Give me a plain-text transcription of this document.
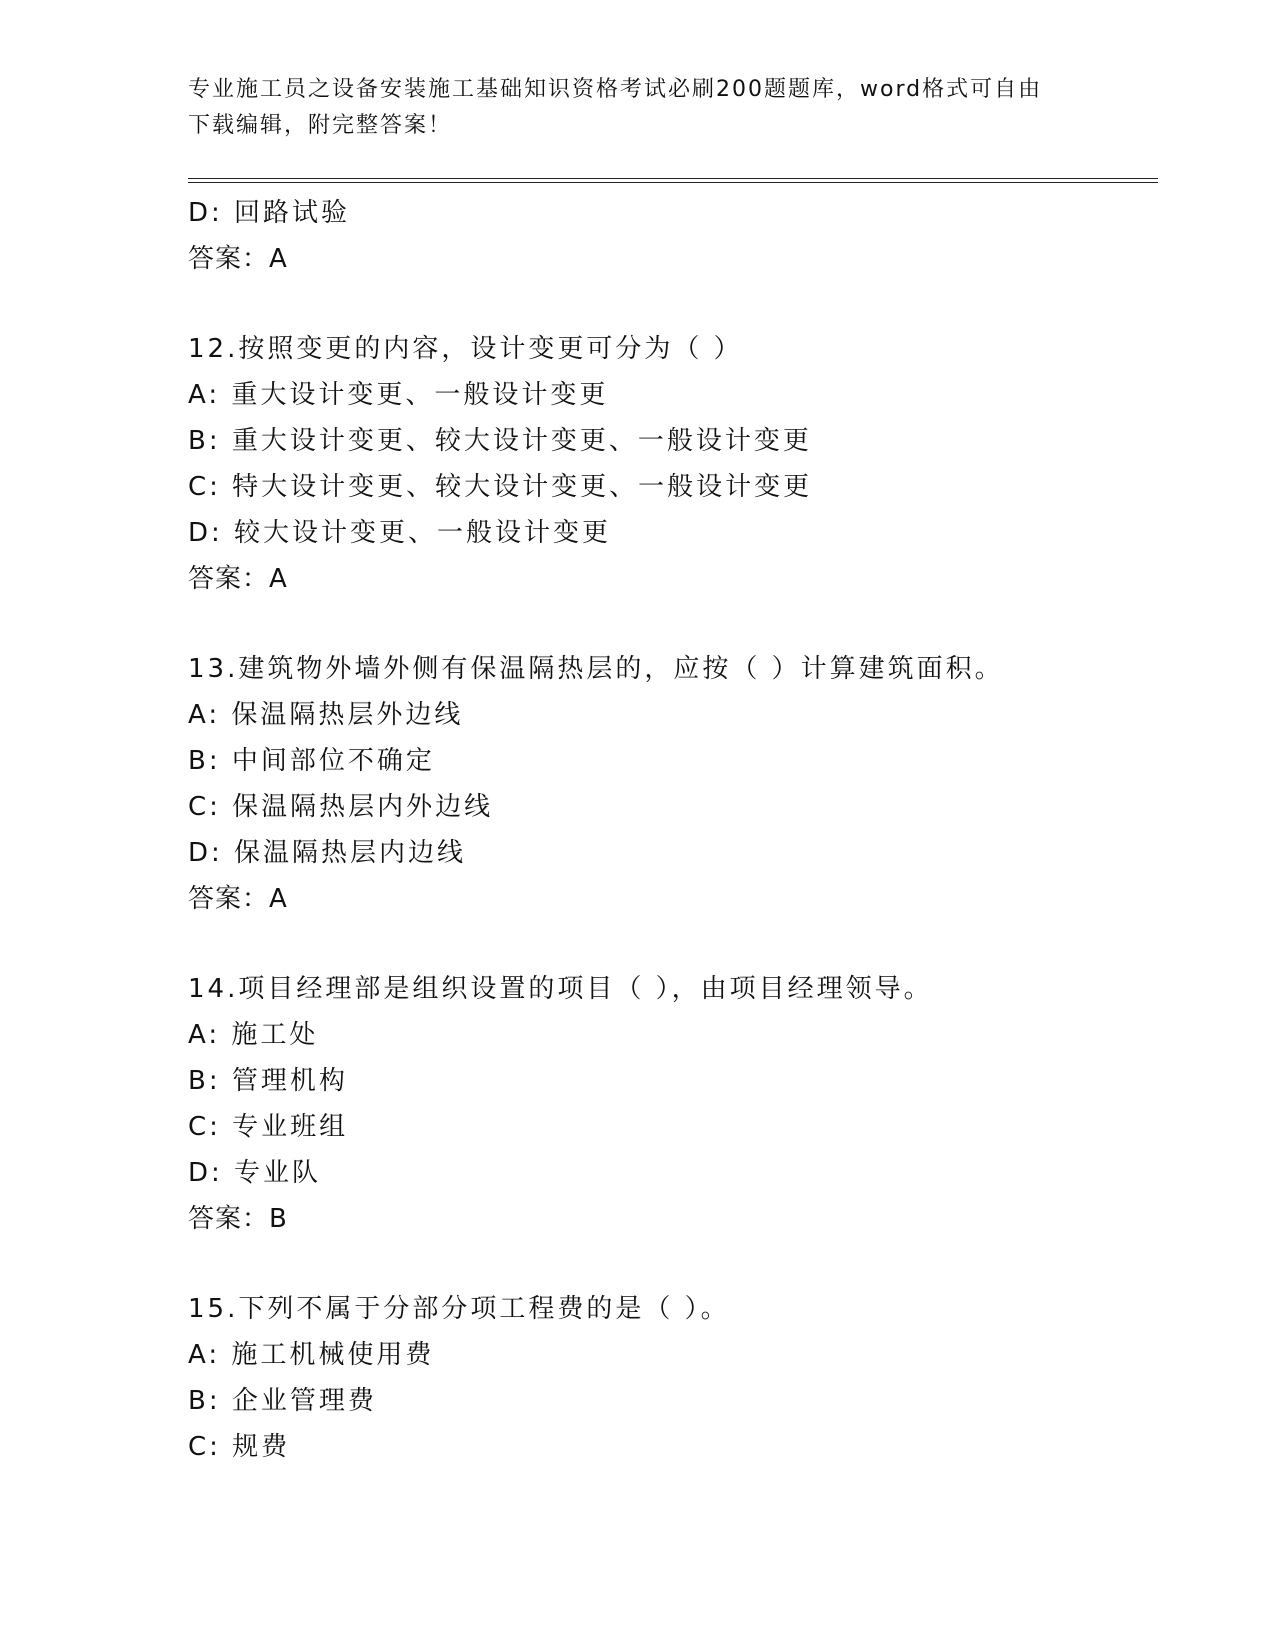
专业施工员之设备安装施工基础知识资格考试必刷200题题库，word格式可自由
下载编辑，附完整答案！
D: 回路试验
答案：A
12.按照变更的内容，设计变更可分为（ ）
A: 重大设计变更、一般设计变更
B: 重大设计变更、较大设计变更、一般设计变更
C: 特大设计变更、较大设计变更、一般设计变更
D: 较大设计变更、一般设计变更
答案：A
13.建筑物外墙外侧有保温隔热层的，应按（ ）计算建筑面积。
A: 保温隔热层外边线
B: 中间部位不确定
C: 保温隔热层内外边线
D: 保温隔热层内边线
答案：A
14.项目经理部是组织设置的项目（ ），由项目经理领导。
A: 施工处
B: 管理机构
C: 专业班组
D: 专业队
答案：B
15.下列不属于分部分项工程费的是（ ）。
A: 施工机械使用费
B: 企业管理费
C: 规费
